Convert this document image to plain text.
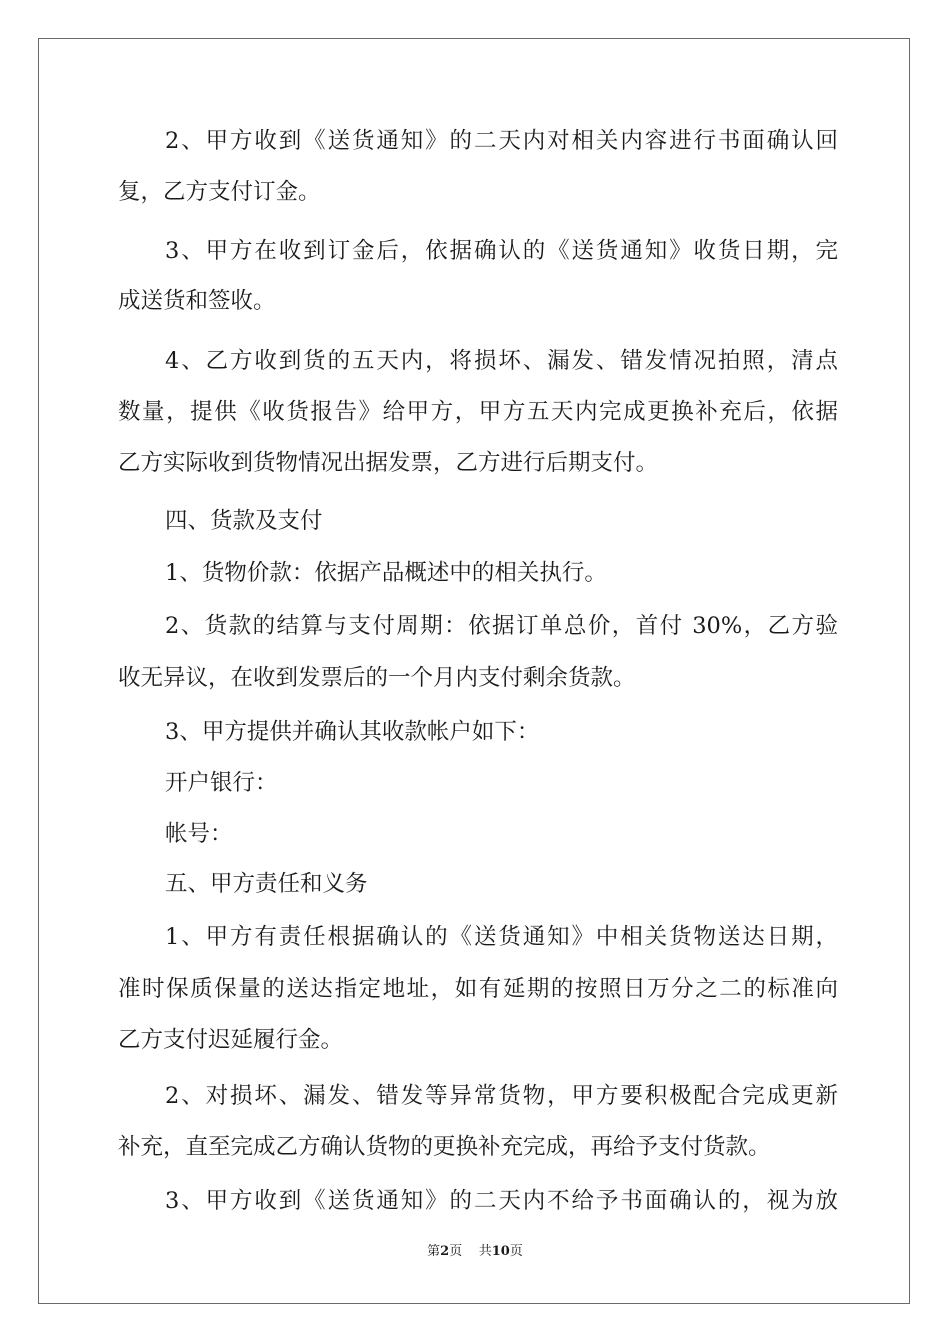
2、甲方收到《送货通知》的二天内对相关内容进行书面确认回
复，乙方支付订金。
3、甲方在收到订金后，依据确认的《送货通知》收货日期，完
成送货和签收。
4、乙方收到货的五天内，将损坏、漏发、错发情况拍照，清点
数量，提供《收货报告》给甲方，甲方五天内完成更换补充后，依据
乙方实际收到货物情况出据发票，乙方进行后期支付。
四、货款及支付
1、货物价款：依据产品概述中的相关执行。
2、货款的结算与支付周期：依据订单总价，首付 30%，乙方验
收无异议，在收到发票后的一个月内支付剩余货款。
3、甲方提供并确认其收款帐户如下：
开户银行：
帐号：
五、甲方责任和义务
1、甲方有责任根据确认的《送货通知》中相关货物送达日期，
准时保质保量的送达指定地址，如有延期的按照日万分之二的标准向
乙方支付迟延履行金。
2、对损坏、漏发、错发等异常货物，甲方要积极配合完成更新
补充，直至完成乙方确认货物的更换补充完成，再给予支付货款。
3、甲方收到《送货通知》的二天内不给予书面确认的，视为放
第2页 共10页
